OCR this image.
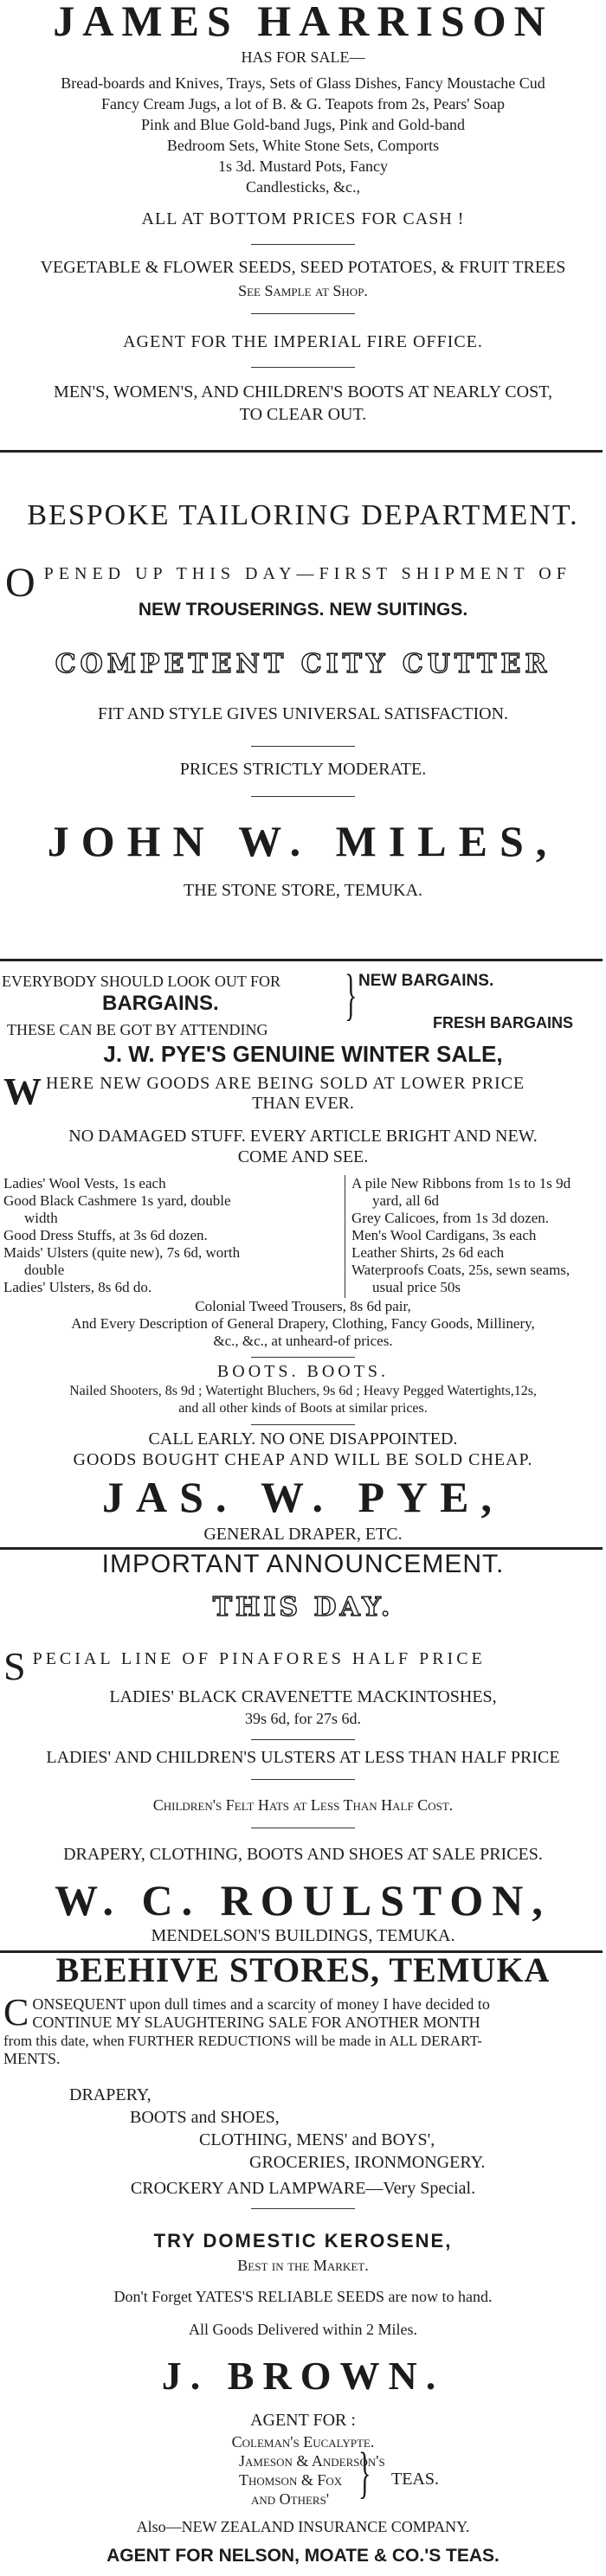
JAMES HARRISON
HAS FOR SALE—
Bread-boards and Knives, Trays, Sets of Glass Dishes, Fancy Moustache Cud
Fancy Cream Jugs, a lot of B. & G. Teapots from 2s, Pears' Soap
Pink and Blue Gold-band Jugs, Pink and Gold-band
Bedroom Sets, White Stone Sets, Comports
1s 3d. Mustard Pots, Fancy
Candlesticks, &c.,
ALL AT BOTTOM PRICES FOR CASH !
VEGETABLE & FLOWER SEEDS, SEED POTATOES, & FRUIT TREES
See Sample at Shop.
AGENT FOR THE IMPERIAL FIRE OFFICE.
MEN'S, WOMEN'S, AND CHILDREN'S BOOTS AT NEARLY COST,
TO CLEAR OUT.
BESPOKE TAILORING DEPARTMENT.
OPENED UP THIS DAY—FIRST SHIPMENT OF
NEW TROUSERINGS. NEW SUITINGS.
COMPETENT CITY CUTTER
FIT AND STYLE GIVES UNIVERSAL SATISFACTION.
PRICES STRICTLY MODERATE.
JOHN W. MILES,
THE STONE STORE, TEMUKA.
EVERYBODY SHOULD LOOK OUT FOR
BARGAINS.
THESE CAN BE GOT BY ATTENDING
} NEW BARGAINS.
FRESH BARGAINS
J. W. PYE'S GENUINE WINTER SALE,
WHERE NEW GOODS ARE BEING SOLD AT LOWER PRICE
THAN EVER.
NO DAMAGED STUFF. EVERY ARTICLE BRIGHT AND NEW.
COME AND SEE.
Ladies' Wool Vests, 1s each
Good Black Cashmere 1s yard, double
width
Good Dress Stuffs, at 3s 6d dozen.
Maids' Ulsters (quite new), 7s 6d, worth
double
Ladies' Ulsters, 8s 6d do.
A pile New Ribbons from 1s to 1s 9d
yard, all 6d
Grey Calicoes, from 1s 3d dozen.
Men's Wool Cardigans, 3s each
Leather Shirts, 2s 6d each
Waterproofs Coats, 25s, sewn seams,
usual price 50s
Colonial Tweed Trousers, 8s 6d pair,
And Every Description of General Drapery, Clothing, Fancy Goods, Millinery,
&c., &c., at unheard-of prices.
BOOTS. BOOTS.
Nailed Shooters, 8s 9d ; Watertight Bluchers, 9s 6d ; Heavy Pegged Watertights,12s,
and all other kinds of Boots at similar prices.
CALL EARLY. NO ONE DISAPPOINTED.
GOODS BOUGHT CHEAP AND WILL BE SOLD CHEAP.
JAS. W. PYE,
GENERAL DRAPER, ETC.
IMPORTANT ANNOUNCEMENT.
THIS DAY.
SPECIAL LINE OF PINAFORES HALF PRICE
LADIES' BLACK CRAVENETTE MACKINTOSHES,
39s 6d, for 27s 6d.
LADIES' AND CHILDREN'S ULSTERS AT LESS THAN HALF PRICE
Children's Felt Hats at Less Than Half Cost.
DRAPERY, CLOTHING, BOOTS AND SHOES AT SALE PRICES.
W. C. ROULSTON,
MENDELSON'S BUILDINGS, TEMUKA.
BEEHIVE STORES, TEMUKA
C ONSEQUENT upon dull times and a scarcity of money I have decided to
CONTINUE MY SLAUGHTERING SALE FOR ANOTHER MONTH
from this date, when FURTHER REDUCTIONS will be made in ALL DERART-
MENTS.
DRAPERY,
BOOTS and SHOES,
CLOTHING, MENS' and BOYS',
GROCERIES, IRONMONGERY.
CROCKERY AND LAMPWARE—Very Special.
TRY DOMESTIC KEROSENE,
Best in the Market.
Don't Forget YATES'S RELIABLE SEEDS are now to hand.
All Goods Delivered within 2 Miles.
J. BROWN.
AGENT FOR :
Coleman's Eucalypte.
Jameson & Anderson's
Thomson & Fox
and Others' } TEAS.
Also—NEW ZEALAND INSURANCE COMPANY.
AGENT FOR NELSON, MOATE & CO.'S TEAS.
